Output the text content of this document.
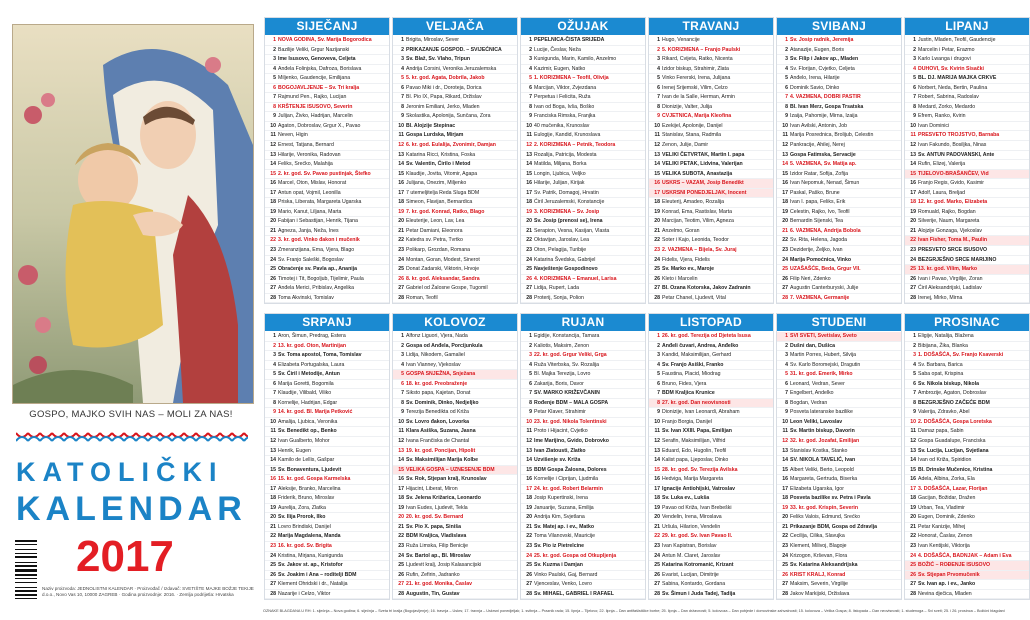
GOSPO, MAJKO SVIH NAS – MOLI ZA NAS!
KATOLIČKI
KALENDAR
2017
Naziv proizvoda: JEDNOLISTNI KALENDAR · Proizvođač / Izdavač: SVETIŠTE MAJKE BOŽJE TEKIJE d.o.o., Novo Vas 10, 10000 ZAGREB · Godina proizvodnje: 2016. · Zemlja podrijetla: Hrvatska
SIJEČANJ
1 NOVA GODINA, Sv. Marija Bogorodica
2 Bazilije Veliki, Grgur Nazijanski
3 Ime Isusovo, Genoveva, Celjeta
4 Anđela Folinjska, Dafroza, Borislava
5 Miljenko, Gaudencije, Emilijana
6 BOGOJAVLJENJE – Sv. Tri kralja
7 Rajmund Pen., Rajko, Lucijan
8 KRŠTENJE ISUSOVO, Severin
9 Julijan, Živko, Hadrijan, Marcelin
10 Agaton, Dobroslav, Grgur X., Pavao
11 Neven, Higin
12 Ernest, Tatjana, Bernard
13 Hilarije, Veronika, Radovan
14 Feliks, Srećko, Malahija
15 2. kr. god. Sv. Pavao pustinjak, Štefko
16 Marcel, Oton, Mislav, Honorat
17 Antun opat, Vojmil, Leonilla
18 Priska, Liberata, Margareta Ugarska
19 Mario, Kanut, Liljana, Marta
20 Fabijan i Sebastijan, Henrik, Tijana
21 Agneza, Janja, Neža, Ines
22 3. kr. god. Vinko đakon i mučenik
23 Zmeranzijana, Ema, Vjera, Blago
24 Sv. Franjo Saleški, Bogoslav
25 Obraćenje sv. Pavla ap., Ananija
26 Timotej i Tit, Bogoljub, Tijelimir, Paula
27 Anđela Merici, Pribislav, Angelika
28 Toma Akvinski, Tomislav
VELJAČA
1 Brigita, Miroslav, Sever
2 PRIKAZANJE GOSPOD. – SVIJEĆNICA
3 Sv. Blaž, Sv. Vlaho, Tripun
4 Andrija Corsini, Veronika Jeruzalemska
5 5. kr. god. Agata, Dobrila, Jakob
6 Pavao Miki i dr., Doroteja, Dorica
7 Bl. Pio IX, Papa, Rikard, Držislav
8 Jeronim Emiliani, Jerko, Mladen
9 Skolastika, Apolonija, Sunčana, Zora
10 Bl. Alojzije Stepinac
11 Gospa Lurdska, Mirjam
12 6. kr. god. Eulalija, Zvonimir, Damjan
13 Katarina Ricci, Kristina, Foska
14 Sv. Valentin, Ćirilo i Metod
15 Klaudije, Jovita, Vitomir, Agapa
16 Julijana, Onezim, Miljenko
17 7 utemeljitelja Reda Sluga BDM
18 Simeon, Flavijan, Bernardica
19 7. kr. god. Konrad, Ratko, Blago
20 Eleuterije, Leon, Lav, Lea
21 Petar Damiani, Eleonora
22 Katedra sv. Petra, Tvrtko
23 Polikarp, Grozdan, Romana
24 Montan, Goran, Modest, Sinerot
25 Donat Zadarski, Viktorin, Hrvoje
26 8. kr. god. Aleksandar, Sandra
27 Gabriel od Žalosne Gospe, Tugomil
28 Roman, Teofil
OŽUJAK
1 PEPELNICA-ČISTA SRIJEDA
2 Lucije, Česlav, Neža
3 Kunigunda, Marin, Kamilo, Anzelmo
4 Kazimir, Eugen, Natko
5 1. KORIZMENA – Teofil, Olivija
6 Marcijan, Viktor, Zvjezdana
7 Perpetua i Felicita, Ruža
8 Ivan od Boga, Ivša, Boško
9 Franciska Rimska, Franjka
10 40 mučenika, Krunoslav
11 Eulogije, Kandid, Krunoslava
12 2. KORIZMENA – Petnik, Teodora
13 Rozalija, Patricija, Modesta
14 Matilda, Miljana, Borka
15 Longin, Ljubica, Veljko
16 Hilarije, Julijan, Kirijak
17 Sv. Patrik, Domagoj, Hrvatin
18 Ćiril Jeruzalemski, Konstancije
19 3. KORIZMENA – Sv. Josip
20 Sv. Josip (prenosi se), Irena
21 Serapion, Vesna, Kasijan, Vlasta
22 Oktavijan, Jaroslav, Lea
23 Oton, Pelagija, Turibije
24 Katarina Švedska, Gabrijel
25 Navještenje Gospodinovo
26 4. KORIZMENA – Emanuel, Larisa
27 Lidija, Rupert, Lada
28 Proterij, Sonja, Polion
TRAVANJ
1 Hugo, Venancije
2 5. KORIZMENA – Franjo Paulski
3 Rikard, Cvijeta, Ratko, Nicenta
4 Izidor biskup, Strahimir, Zlata
5 Vinko Fererski, Irena, Julijana
6 Irenej Srijemski, Vilim, Celzo
7 Ivan de la Salle, Herman, Armin
8 Dionizije, Valter, Julija
9 CVJETNICA, Marija Kleofina
10 Ezekijel, Apolonije, Danijel
11 Stanislav, Stana, Radmila
12 Zenon, Julije, Damir
13 VELIKI ČETVRTAK, Martin I. papa
14 VELIKI PETAK, Lidvina, Valerijan
15 VELIKA SUBOTA, Anastazija
16 USKRS – VAZAM, Josip Benedikt
17 USKRSNI PONEDJELJAK, Inocent
18 Eleuterij, Amadeo, Rozalija
19 Konrad, Ema, Rastislav, Marta
20 Marcijan, Teotim, Vilim, Agneza
21 Anzelmo, Goran
22 Soter i Kajo, Leonida, Teodor
23 2. VAZMENA – Bijela, Sv. Juraj
24 Fidelis, Vjera, Fidelis
25 Sv. Marko ev., Maroje
26 Kleto i Marcelin
27 Bl. Ozana Kotorska, Jakov Zadranin
28 Petar Chanel, Ljudevit, Vital
SVIBANJ
1 Sv. Josip radnik, Jeremija
2 Atanazije, Eugen, Boris
3 Sv. Filip i Jakov ap., Mladen
4 Sv. Florijan, Cvjetko, Celjeta
5 Anđelo, Irena, Hilarije
6 Dominik Savio, Dinko
7 4. VAZMENA, DOBRI PASTIR
8 Bl. Ivan Merz, Gospa Trsatska
9 Izaija, Pahomije, Mirna, Izaija
10 Ivan Avilski, Antonin, Job
11 Marija Posrednica, Brolijub, Celestin
12 Pankracije, Ahilej, Nerej
13 Gospa Fatimska, Servacije
14 5. VAZMENA, Sv. Matija ap.
15 Izidor Ratar, Sofija, Zofija
16 Ivan Nepomuk, Nenad, Šimun
17 Paskal, Paško, Brune
18 Ivan I. papa, Feliks, Erik
19 Celestin, Rajko, Ivo, Teofil
20 Bernardin Sijenski, Tea
21 6. VAZMENA, Andrija Bobola
22 Sv. Rita, Helena, Jagoda
23 Deziderije, Željko, Ivan
24 Marija Pomoćnica, Vinko
25 UZAŠAŠĆE, Beda, Grgur VII.
26 Filip Neri, Zdenko
27 Augustin Canterburyski, Julije
28 7. VAZMENA, Germanije
LIPANJ
1 Justin, Mladen, Teofil, Gaudencije
2 Marcelin i Petar, Erazmo
3 Karlo Lwanga i drugovi
4 DUHOVI, Sv. Kvirin Sisački
5 BL. DJ. MARIJA MAJKA CRKVE
6 Norbert, Neda, Bertin, Paulina
7 Robert, Sabrina, Radoslav
8 Medard, Zorko, Medardo
9 Efrem, Ranko, Kvirin
10 Ivan Dominici
11 PRESVETO TROJSTVO, Barnaba
12 Ivan Fakundo, Bosiljka, Ninas
13 Sv. ANTUN PADOVANSKI, Ante
14 Rufin, Elizej, Valerija
15 TIJELOVO-BRAŠANČEV, Vid
16 Franjo Regis, Gvido, Kasimir
17 Adolf, Laura, Breljad
18 12. kr. god. Marko, Elizabeta
19 Romuald, Rajko, Bogdan
20 Silverije, Naum, Margareta
21 Alojzije Gonzaga, Vjekoslav
22 Ivan Fisher, Toma M., Paulin
23 PRESVETO SRCE ISUSOVO
24 BEZGRJEŠNO SRCE MARIJINO
25 13. kr. god. Vilim, Marko
26 Ivan i Pavao, Virgilije, Zoran
27 Ćiril Aleksandrijski, Ladislav
28 Irenej, Mirko, Mirna
SRPANJ
1 Aron, Šimun, Predrag, Estera
2 13. kr. god. Oton, Martinijan
3 Sv. Toma apostol, Toma, Tomislav
4 Elizabeta Portugalska, Laura
5 Sv. Ćiril i Metodije, Antun
6 Marija Goretti, Bogomila
7 Klaudije, Vilibald, Viliko
8 Kornelije, Hadrijan, Edgar
9 14. kr. god. Bl. Marija Petković
10 Amalija, Ljubica, Veronika
11 Sv. Benedikt op., Benko
12 Ivan Gualberto, Mohor
13 Henrik, Eugen
14 Kamilo de Lellis, Gašpar
15 Sv. Bonaventura, Ljudevit
16 15. kr. god. Gospa Karmelska
17 Aleksije, Branko, Marcelina
18 Friderik, Bruno, Miroslav
19 Aurelija, Zora, Zlatka
20 Sv. Ilija Prorok, Ilko
21 Lovro Brindiski, Danijel
22 Marija Magdalena, Manda
23 16. kr. god. Sv. Brigita
24 Kristina, Mirjana, Kunigunda
25 Sv. Jakov st. ap., Kristofor
26 Sv. Joakim i Ana – roditelji BDM
27 Klement Ohridski i dr., Natalija
28 Nazarije i Celzo, Viktor
KOLOVOZ
1 Alfonz Liguori, Vjera, Nada
2 Gospa od Anđela, Porcijunkula
3 Lidija, Nikodem, Gamaliel
4 Ivan Vianney, Vjekoslav
5 GOSPA SNJEŽNA, Snježana
6 18. kr. god. Preobraženje
7 Siksto papa, Kajetan, Donat
8 Sv. Dominik, Dinko, Nedjeljko
9 Terezija Benedikta od Križa
10 Sv. Lovro đakon, Lovorka
11 Klara Asiška, Suzana, Jasna
12 Ivana Frančiska de Chantal
13 19. kr. god. Poncijan, Hipolit
14 Sv. Maksimilijan Marija Kolbe
15 VELIKA GOSPA – UZNESENJE BDM
16 Sv. Rok, Stjepan kralj, Krunoslav
17 Hijacint, Liberat, Miron
18 Sv. Jelena Križarica, Leonardo
19 Ivan Eudes, Ljudevit, Tekla
20 20. kr. god. Sv. Bernard
21 Sv. Pio X. papa, Siniša
22 BDM Kraljica, Vladislava
23 Ruža Limska, Filip Benicije
24 Sv. Bartol ap., Bl. Miroslav
25 Ljudevit kralj, Josip Kalasancijski
26 Rufin, Zefirin, Jadranko
27 21. kr. god. Monika, Časlav
28 Augustin, Tin, Gustav
RUJAN
1 Egidije, Konstancija, Tamara
2 Kaliotis, Maksim, Zenon
3 22. kr. god. Grgur Veliki, Grga
4 Ruža Viterbska, Sv. Rozalija
5 Bl. Majka Terezija, Lovro
6 Zakarija, Boris, Davor
7 SV. MARKO KRIŽEVČANIN
8 Rođenje BDM – MALA GOSPA
9 Petar Klaver, Strahimir
10 23. kr. god. Nikola Tolentinski
11 Proto i Hijacint, Cvjetko
12 Ime Marijino, Gvido, Dobrovko
13 Ivan Zlatousti, Zlatko
14 Uzvišenje sv. Križa
15 BDM Gospa Žalosna, Dolores
16 Kornelije i Ciprijan, Ljudmila
17 24. kr. god. Robert Belarmin
18 Josip Kupertinski, Irena
19 Januarije, Suzana, Emilija
20 Andrija Kim, Svjetlana
21 Sv. Matej ap. i ev., Matko
22 Toma Vilanovski, Mauricije
23 Sv. Pio iz Pietrelcine
24 25. kr. god. Gospa od Otkupljenja
25 Sv. Kuzma i Damjan
26 Vinko Paulski, Gaj, Bernard
27 Vjenceslav, Venko, Lovro
28 Sv. MIHAEL, GABRIEL I RAFAEL
LISTOPAD
1 26. kr. god. Terezija od Djeteta Isusa
2 Anđeli čuvari, Andrea, Anđelko
3 Kandid, Maksimilijan, Gerhard
4 Sv. Franjo Asiški, Franko
5 Faustina, Placid, Miodrag
6 Bruno, Fides, Vjera
7 BDM Kraljica Krunice
8 27. kr. god. Dan neovisnosti
9 Dionizije, Ivan Leonardi, Abraham
10 Franjo Borgia, Danijel
11 Sv. Ivan XXIII. Papa, Emilijan
12 Serafin, Maksimilijan, Vilfrid
13 Eduard, Edo, Hugolin, Teofil
14 Kalist papa, Ljeposlav, Dinko
15 28. kr. god. Sv. Terezija Avilska
16 Hedviga, Marija Margareta
17 Ignacije Antiohijski, Vatroslav
18 Sv. Luka ev., Lukša
19 Pavao od Križa, Ivan Brebeški
20 Vendelin, Irena, Miroslava
21 Uršula, Hilarion, Vendelin
22 29. kr. god. Sv. Ivan Pavao II.
23 Ivan Kapistran, Borislav
24 Antun M. Claret, Jaroslav
25 Katarina Kotromanić, Krizant
26 Evarist, Lucijan, Dimitrije
27 Sabina, Kontardo, Gordana
28 Sv. Šimun i Juda Tadej, Tadija
STUDENI
1 SVI SVETI, Svetislav, Sveto
2 Dušni dan, Dušica
3 Martin Porres, Hubert, Silvija
4 Sv. Karlo Boromejski, Dragutin
5 31. kr. god. Emerik, Mirko
6 Leonard, Vedran, Sever
7 Engelbert, Andelko
8 Bogdan, Vedran
9 Posveta lateranske bazilike
10 Leon Veliki, Lavoslav
11 Sv. Martin biskup, Davorin
12 32. kr. god. Jozafat, Emilijan
13 Stanislav Kostka, Stanko
14 SV. NIKOLA TAVELIĆ, Ivan
15 Albert Veliki, Berto, Leopold
16 Margareta, Gertruda, Biserka
17 Elizabeta Ugarska, Igor
18 Posveta bazilike sv. Petra i Pavla
19 33. kr. god. Krispin, Severin
20 Feliks Valois, Edmund, Srećko
21 Prikazanje BDM, Gospa od Zdravlja
22 Cecilija, Cilika, Slavujka
23 Klement, Milivoj, Blagoje
24 Krizogon, Krševan, Flora
25 Sv. Katarina Aleksandrijska
26 KRIST KRALJ, Konrad
27 Maksim, Severin, Virgilije
28 Jakov Markijski, Držislava
PROSINAC
1 Eligije, Natalija, Blažena
2 Bibijana, Žika, Blanka
3 1. DOŠAŠĆA, Sv. Franjo Ksaverski
4 Sv. Barbara, Barica
5 Saba opat, Krispina
6 Sv. Nikola biskup, Nikola
7 Ambrozije, Agaton, Dobroslav
8 BEZGRJEŠNO ZAČEĆE BDM
9 Valerija, Zdravko, Abel
10 2. DOŠAŠĆA, Gospa Loretska
11 Damaz papa, Sabin
12 Gospa Guadalupe, Franciska
13 Sv. Lucija, Lucijan, Svjetlana
14 Ivan od Križa, Spiridion
15 Bl. Drinske Mučenice, Kristina
16 Adela, Albina, Zorka, Ela
17 3. DOŠAŠĆA, Lazar, Florijan
18 Gacijan, Božidar, Dražen
19 Urban, Tea, Vladimir
20 Eugen, Dominik, Zdenko
21 Petar Kanizije, Mihej
22 Honorat, Časlav, Zenon
23 Ivan Kentijski, Viktorija
24 4. DOŠAŠĆA, BADNJAK – Adam i Eva
25 BOŽIĆ – ROĐENJE ISUSOVO
26 Sv. Stjepan Prvomučenik
27 Sv. Ivan ap. i ev., Janko
28 Nevina dječica, Mladen
OZNAKE BLAGDANA U RH: 1. siječnja – Nova godina; 6. siječnja – Sveta tri kralja (Bogojavljenje); 16. travnja – Uskrs; 17. travnja – Uskrsni ponedjeljak; 1. svibnja – Praznik rada; 15. lipnja – Tijelovo; 22. lipnja – Dan antifašističke borbe; 25. lipnja – Dan državnosti; 5. kolovoza – Dan pobjede i domovinske zahvalnosti; 15. kolovoza – Velika Gospa; 8. listopada – Dan neovisnosti; 1. studenoga – Svi sveti; 25. i 26. prosinca – Božićni blagdani
